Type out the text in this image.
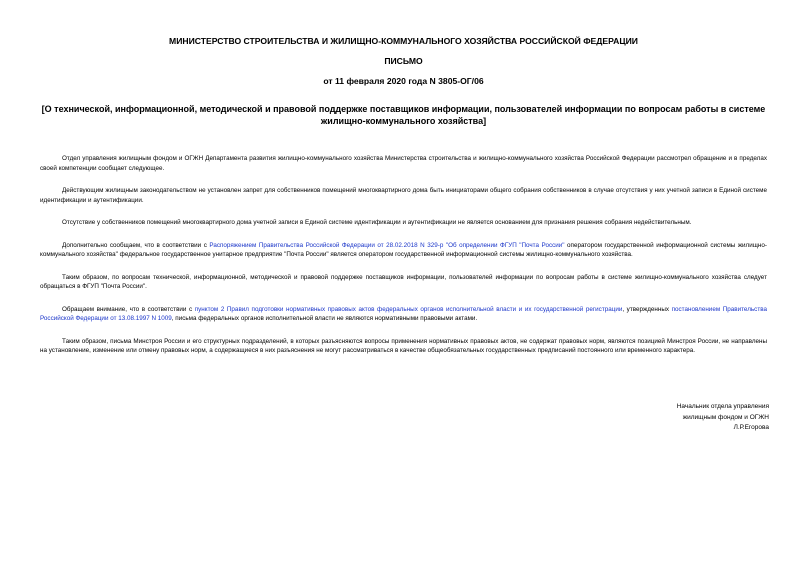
МИНИСТЕРСТВО СТРОИТЕЛЬСТВА И ЖИЛИЩНО-КОММУНАЛЬНОГО ХОЗЯЙСТВА РОССИЙСКОЙ ФЕДЕРАЦИИ

ПИСЬМО

от 11 февраля 2020 года N 3805-ОГ/06

[О технической, информационной, методической и правовой поддержке поставщиков информации, пользователей информации по вопросам работы в системе жилищно-коммунального хозяйства]

Отдел управления жилищным фондом и ОГЖН Департамента развития жилищно-коммунального хозяйства Министерства строительства и жилищно-коммунального хозяйства Российской Федерации рассмотрел обращение и в пределах своей компетенции сообщает следующее.

Действующим жилищным законодательством не установлен запрет для собственников помещений многоквартирного дома быть инициаторами общего собрания собственников в случае отсутствия у них учетной записи в Единой системе идентификации и аутентификации.

Отсутствие у собственников помещений многоквартирного дома учетной записи в Единой системе идентификации и аутентификации не является основанием для признания решения собрания недействительным.

Дополнительно сообщаем, что в соответствии с Распоряжением Правительства Российской Федерации от 28.02.2018 N 329-р "Об определении ФГУП "Почта России" оператором государственной информационной системы жилищно-коммунального хозяйства" федеральное государственное унитарное предприятие "Почта России" является оператором государственной информационной системы жилищно-коммунального хозяйства.

Таким образом, по вопросам технической, информационной, методической и правовой поддержке поставщиков информации, пользователей информации по вопросам работы в системе жилищно-коммунального хозяйства следует обращаться в ФГУП "Почта России".

Обращаем внимание, что в соответствии с пунктом 2 Правил подготовки нормативных правовых актов федеральных органов исполнительной власти и их государственной регистрации, утвержденных постановлением Правительства Российской Федерации от 13.08.1997 N 1009, письма федеральных органов исполнительной власти не являются нормативными правовыми актами.

Таким образом, письма Минстроя России и его структурных подразделений, в которых разъясняются вопросы применения нормативных правовых актов, не содержат правовых норм, являются позицией Минстроя России, не направлены на установление, изменение или отмену правовых норм, а содержащиеся в них разъяснения не могут рассматриваться в качестве общеобязательных государственных предписаний постоянного или временного характера.

Начальник отдела управления
жилищным фондом и ОГЖН
Л.Р.Егорова
